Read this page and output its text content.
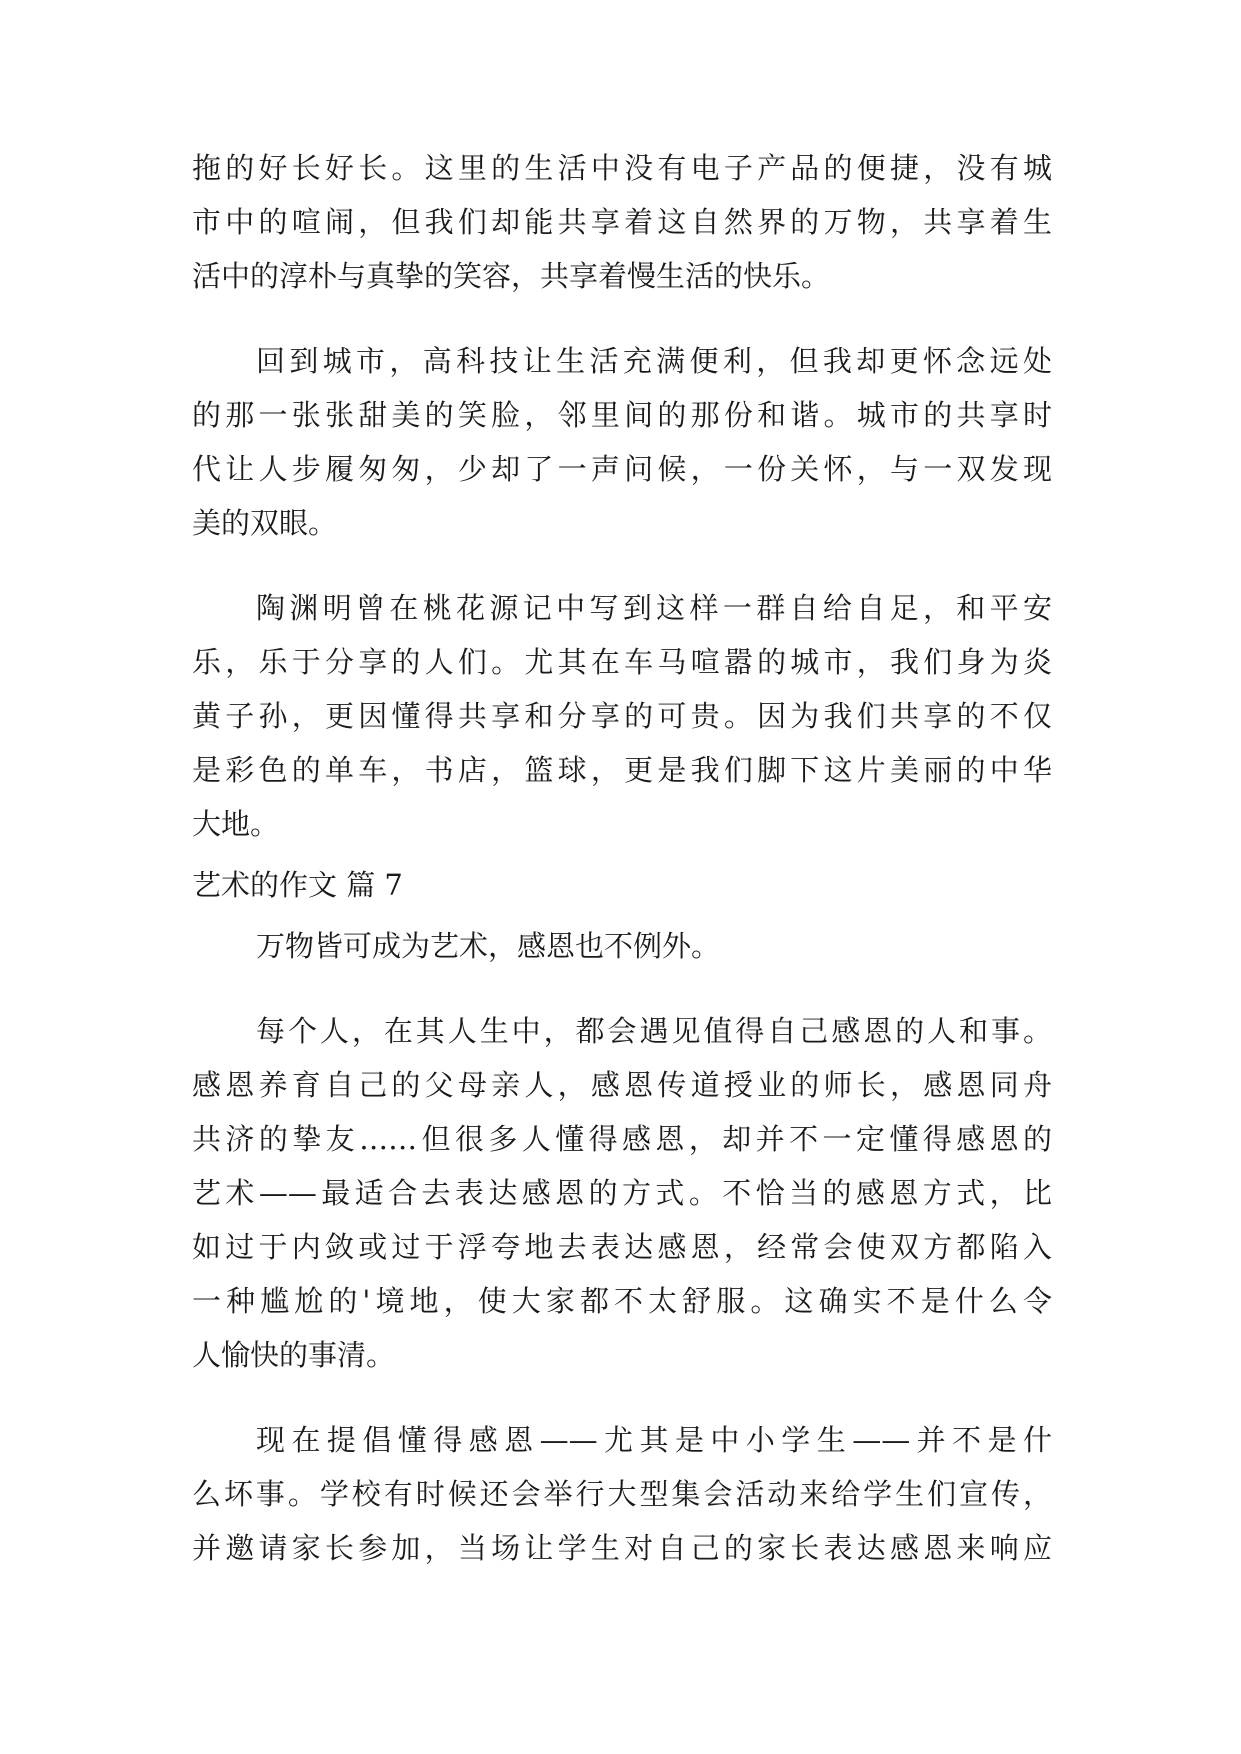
拖的好长好长。这里的生活中没有电子产品的便捷，没有城
市中的喧闹，但我们却能共享着这自然界的万物，共享着生
活中的淳朴与真挚的笑容，共享着慢生活的快乐。
回到城市，高科技让生活充满便利，但我却更怀念远处
的那一张张甜美的笑脸，邻里间的那份和谐。城市的共享时
代让人步履匆匆，少却了一声问候，一份关怀，与一双发现
美的双眼。
陶渊明曾在桃花源记中写到这样一群自给自足，和平安
乐，乐于分享的人们。尤其在车马喧嚣的城市，我们身为炎
黄子孙，更因懂得共享和分享的可贵。因为我们共享的不仅
是彩色的单车，书店，篮球，更是我们脚下这片美丽的中华
大地。
艺术的作文 篇 7
万物皆可成为艺术，感恩也不例外。
每个人，在其人生中，都会遇见值得自己感恩的人和事。
感恩养育自己的父母亲人，感恩传道授业的师长，感恩同舟
共济的挚友……但很多人懂得感恩，却并不一定懂得感恩的
艺术——最适合去表达感恩的方式。不恰当的感恩方式，比
如过于内敛或过于浮夸地去表达感恩，经常会使双方都陷入
一种尴尬的'境地，使大家都不太舒服。这确实不是什么令
人愉快的事清。
现在提倡懂得感恩——尤其是中小学生——并不是什
么坏事。学校有时候还会举行大型集会活动来给学生们宣传，
并邀请家长参加，当场让学生对自己的家长表达感恩来响应
